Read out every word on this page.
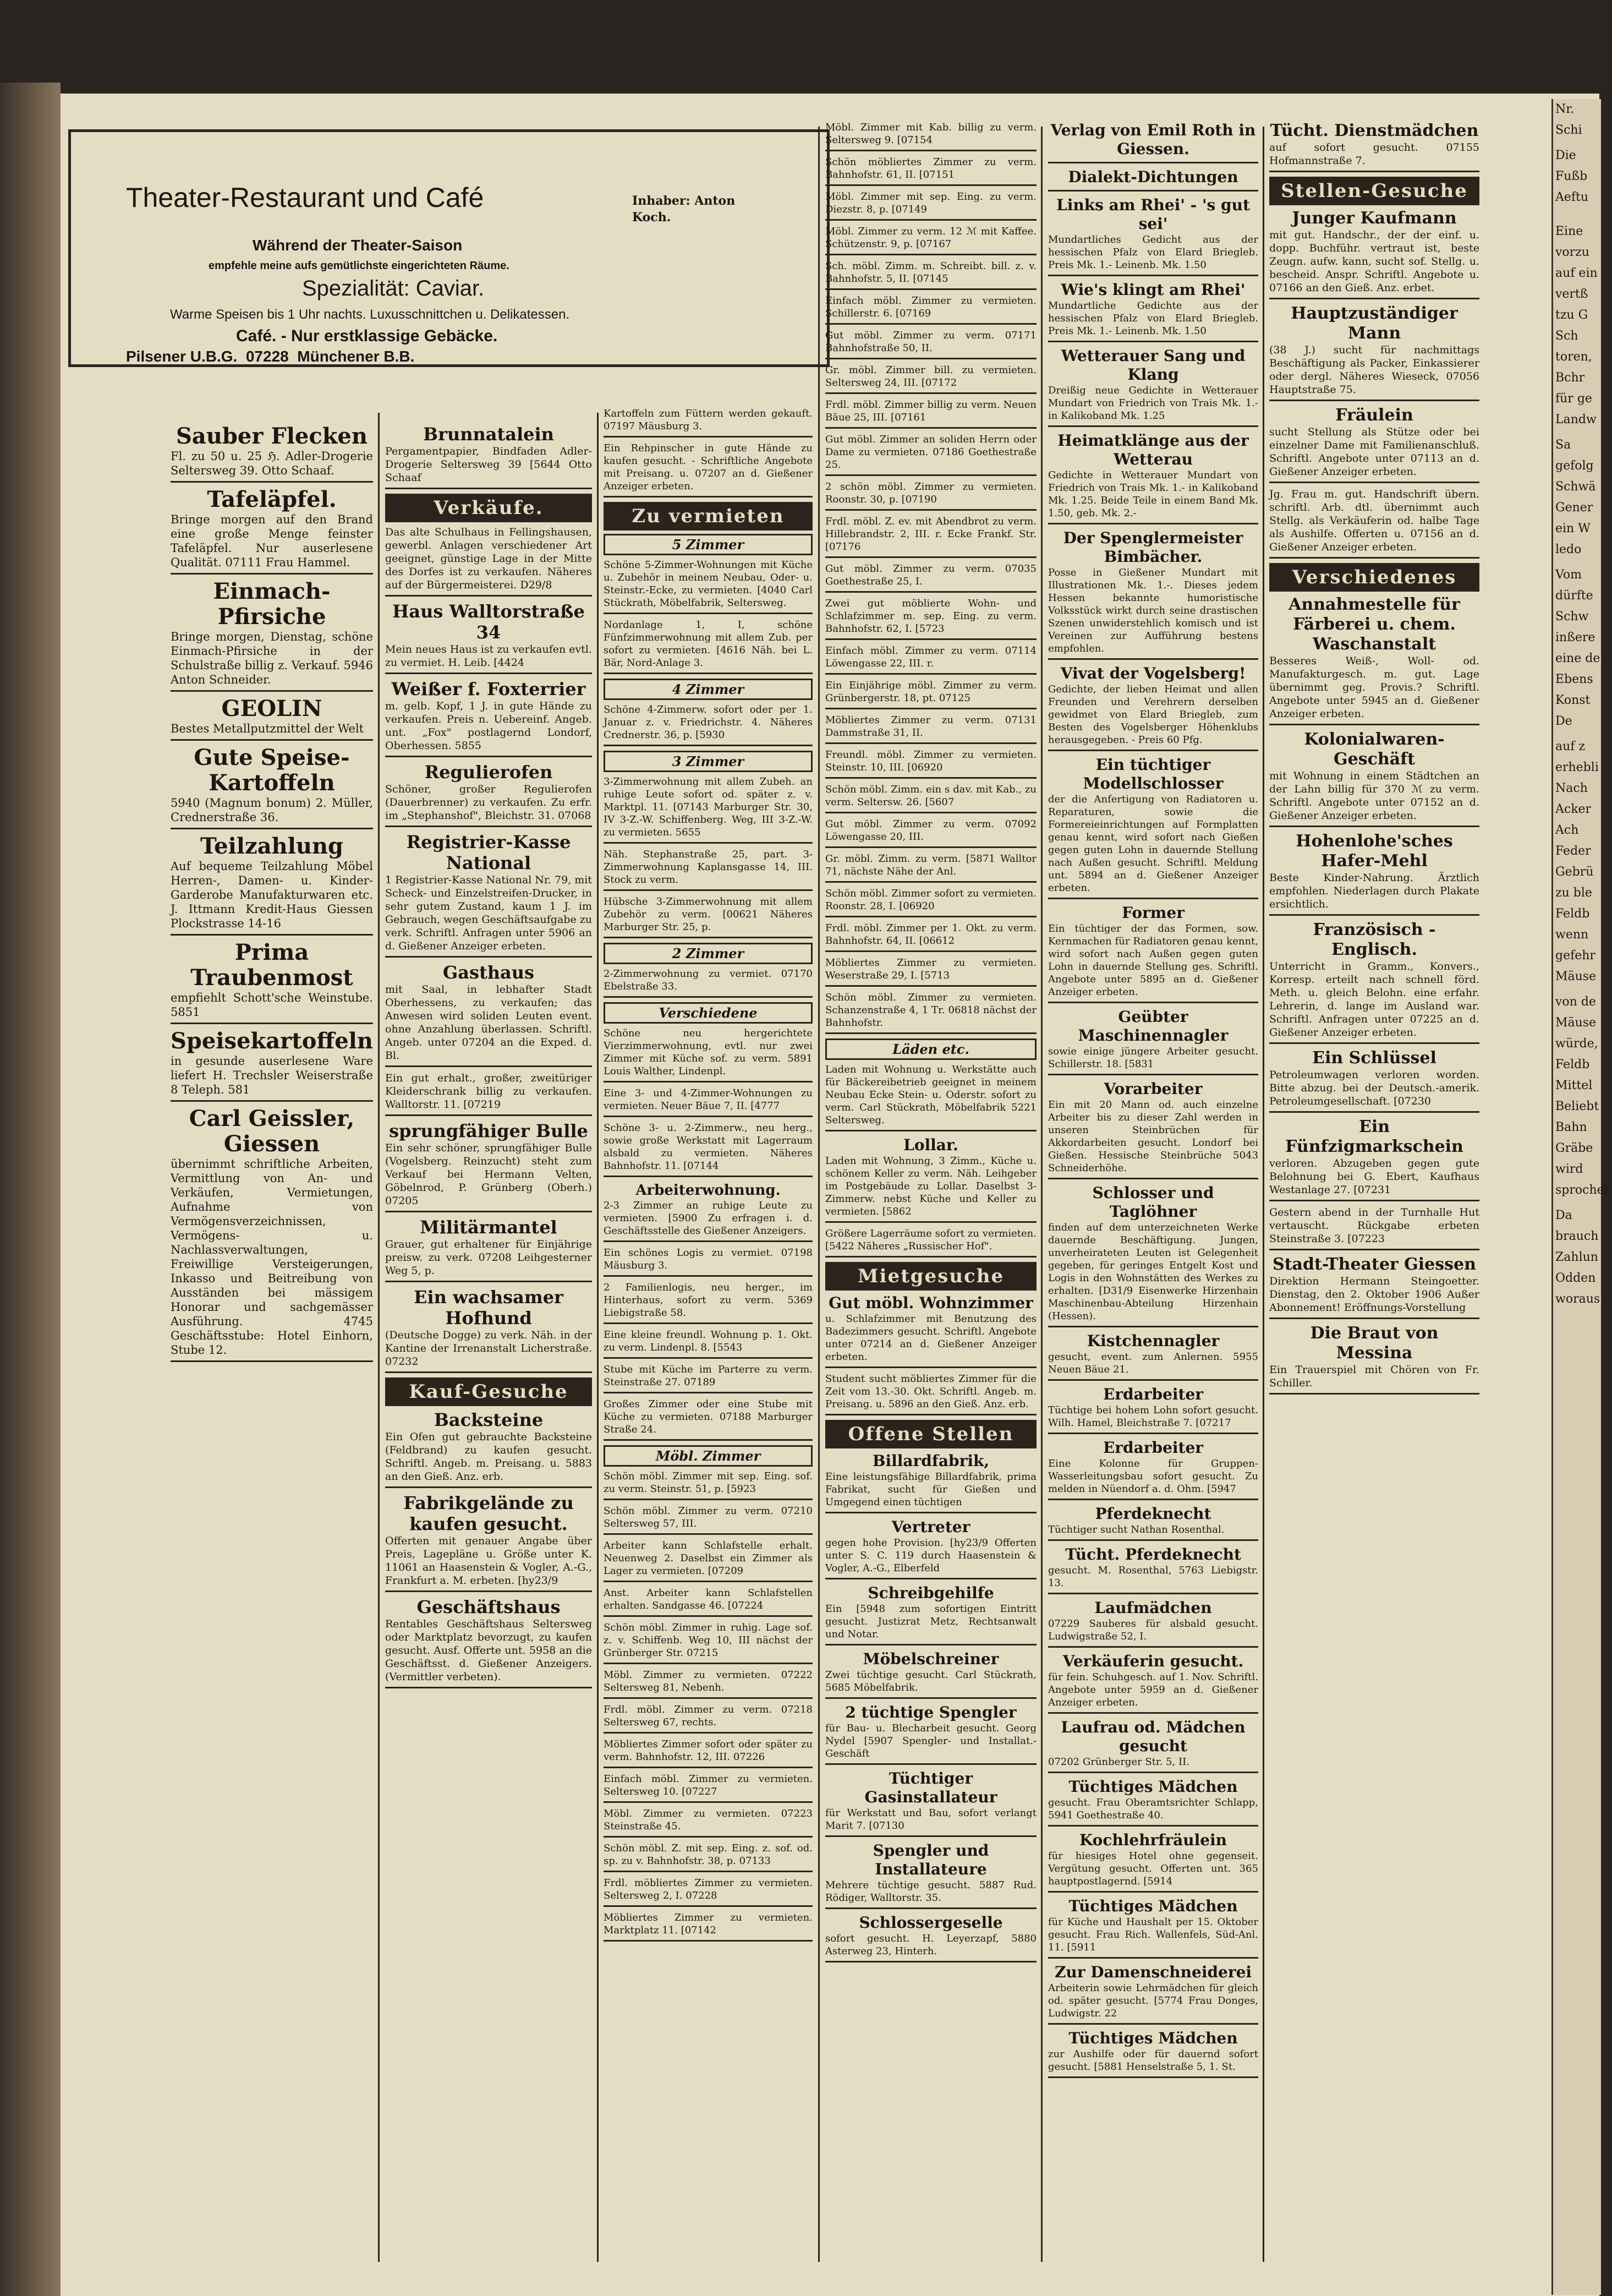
Theater-Restaurant und Café	Inhaber: Anton Koch.
Während der Theater-Saison
empfehle meine aufs gemütlichste eingerichteten Räume.
Spezialität: Caviar.
Warme Speisen bis 1 Uhr nachts. Luxusschnittchen u. Delikatessen.
Café. - Nur erstklassige Gebäcke.
Pilsener U.B.G.  07228  Münchener B.B.
Sauber Flecken
Fl. zu 50 u. 25 ℌ. Adler-Drogerie Seltersweg 39. Otto Schaaf.
Tafeläpfel.
Bringe morgen auf den Brand eine große Menge feinster Tafeläpfel. Nur auserlesene Qualität. 07111 Frau Hammel.
Einmach-Pfirsiche
Bringe morgen, Dienstag, schöne Einmach-Pfirsiche in der Schulstraße billig z. Verkauf. 5946 Anton Schneider.
GEOLIN
Bestes Metallputzmittel der Welt
Gute Speise-Kartoffeln
5940 (Magnum bonum) 2. Müller, Crednerstraße 36.
Teilzahlung
Auf bequeme Teilzahlung Möbel Herren-, Damen- u. Kinder-Garderobe Manufakturwaren etc. J. Ittmann Kredit-Haus Giessen Plockstrasse 14-16
Prima Traubenmost
empfiehlt Schott'sche Weinstube. 5851
Speisekartoffeln
in gesunde auserlesene Ware liefert H. Trechsler Weiserstraße 8 Teleph. 581
Carl Geissler, Giessen
übernimmt schriftliche Arbeiten, Vermittlung von An- und Verkäufen, Vermietungen, Aufnahme von Vermögensverzeichnissen, Vermögens- u. Nachlassverwaltungen, Freiwillige Versteigerungen, Inkasso und Beitreibung von Ausständen bei mässigem Honorar und sachgemässer Ausführung. 4745 Geschäftsstube: Hotel Einhorn, Stube 12.
Brunnatalein
Pergamentpapier, Bindfaden Adler-Drogerie Seltersweg 39 [5644 Otto Schaaf
Verkäufe.
Das alte Schulhaus in Fellingshausen, gewerbl. Anlagen verschiedener Art geeignet, günstige Lage in der Mitte des Dorfes ist zu verkaufen. Näheres auf der Bürgermeisterei. D29/8
Haus Walltorstraße 34
Mein neues Haus ist zu verkaufen evtl. zu vermiet. H. Leib. [4424
Weißer f. Foxterrier
m. gelb. Kopf, 1 J. in gute Hände zu verkaufen. Preis n. Uebereinf. Angeb. unt. „Fox" postlagernd Londorf, Oberhessen. 5855
Regulierofen
Schöner, großer Regulierofen (Dauerbrenner) zu verkaufen. Zu erfr. im „Stephanshof", Bleichstr. 31. 07068
Registrier-Kasse National
1 Registrier-Kasse National Nr. 79, mit Scheck- und Einzelstreifen-Drucker, in sehr gutem Zustand, kaum 1 J. im Gebrauch, wegen Geschäftsaufgabe zu verk. Schriftl. Anfragen unter 5906 an d. Gießener Anzeiger erbeten.
Gasthaus
mit Saal, in lebhafter Stadt Oberhessens, zu verkaufen; das Anwesen wird soliden Leuten event. ohne Anzahlung überlassen. Schriftl. Angeb. unter 07204 an die Exped. d. Bl.
Ein gut erhalt., großer, zweitüriger Kleiderschrank billig zu verkaufen. Walltorstr. 11. [07219
sprungfähiger Bulle
Ein sehr schöner, sprungfähiger Bulle (Vogelsberg. Reinzucht) steht zum Verkauf bei Hermann Velten, Göbelnrod, P. Grünberg (Oberh.) 07205
Militärmantel
Grauer, gut erhaltener für Einjährige preisw. zu verk. 07208 Leihgesterner Weg 5, p.
Ein wachsamer Hofhund
(Deutsche Dogge) zu verk. Näh. in der Kantine der Irrenanstalt Licherstraße. 07232
Kauf-Gesuche
Backsteine
Ein Ofen gut gebrauchte Backsteine (Feldbrand) zu kaufen gesucht. Schriftl. Angeb. m. Preisang. u. 5883 an den Gieß. Anz. erb.
Fabrikgelände zu kaufen gesucht.
Offerten mit genauer Angabe über Preis, Lagepläne u. Größe unter K. 11061 an Haasenstein & Vogler, A.-G., Frankfurt a. M. erbeten. [hy23/9
Geschäftshaus
Rentables Geschäftshaus Seltersweg oder Marktplatz bevorzugt, zu kaufen gesucht. Ausf. Offerte unt. 5958 an die Geschäftsst. d. Gießener Anzeigers. (Vermittler verbeten).
Kartoffeln zum Füttern werden gekauft. 07197 Mäusburg 3.
Ein Rehpinscher in gute Hände zu kaufen gesucht. - Schriftliche Angebote mit Preisang. u. 07207 an d. Gießener Anzeiger erbeten.
Zu vermieten
5 Zimmer
Schöne 5-Zimmer-Wohnungen mit Küche u. Zubehör in meinem Neubau, Oder- u. Steinstr.-Ecke, zu vermieten. [4040 Carl Stückrath, Möbelfabrik, Seltersweg.
Nordanlage 1, I, schöne Fünfzimmerwohnung mit allem Zub. per sofort zu vermieten. [4616 Näh. bei L. Bär, Nord-Anlage 3.
4 Zimmer
Schöne 4-Zimmerw. sofort oder per 1. Januar z. v. Friedrichstr. 4. Näheres Crednerstr. 36, p. [5930
3 Zimmer
3-Zimmerwohnung mit allem Zubeh. an ruhige Leute sofort od. später z. v. Marktpl. 11. [07143 Marburger Str. 30, IV 3-Z.-W. Schiffenberg. Weg, III 3-Z.-W. zu vermieten. 5655
Näh. Stephanstraße 25, part. 3-Zimmerwohnung Kaplansgasse 14, III. Stock zu verm.
Hübsche 3-Zimmerwohnung mit allem Zubehör zu verm. [00621 Näheres Marburger Str. 25, p.
2 Zimmer
2-Zimmerwohnung zu vermiet. 07170 Ebelstraße 33.
Verschiedene
Schöne neu hergerichtete Vierzimmerwohnung, evtl. nur zwei Zimmer mit Küche sof. zu verm. 5891 Louis Walther, Lindenpl.
Eine 3- und 4-Zimmer-Wohnungen zu vermieten. Neuer Bäue 7, II. [4777
Schöne 3- u. 2-Zimmerw., neu herg., sowie große Werkstatt mit Lagerraum alsbald zu vermieten. Näheres Bahnhofstr. 11. [07144
Arbeiterwohnung.
2-3 Zimmer an ruhige Leute zu vermieten. [5900 Zu erfragen i. d. Geschäftsstelle des Gießener Anzeigers.
Ein schönes Logis zu vermiet. 07198 Mäusburg 3.
2 Familienlogis, neu herger., im Hinterhaus, sofort zu verm. 5369 Liebigstraße 58.
Eine kleine freundl. Wohnung p. 1. Okt. zu verm. Lindenpl. 8. [5543
Stube mit Küche im Parterre zu verm. Steinstraße 27. 07189
Großes Zimmer oder eine Stube mit Küche zu vermieten. 07188 Marburger Straße 24.
Möbl. Zimmer
Schön möbl. Zimmer mit sep. Eing. sof. zu verm. Steinstr. 51, p. [5923
Schön möbl. Zimmer zu verm. 07210 Seltersweg 57, III.
Arbeiter kann Schlafstelle erhalt. Neuenweg 2. Daselbst ein Zimmer als Lager zu vermieten. [07209
Anst. Arbeiter kann Schlafstellen erhalten. Sandgasse 46. [07224
Schön möbl. Zimmer in ruhig. Lage sof. z. v. Schiffenb. Weg 10, III nächst der Grünberger Str. 07215
Möbl. Zimmer zu vermieten. 07222 Seltersweg 81, Nebenh.
Frdl. möbl. Zimmer zu verm. 07218 Seltersweg 67, rechts.
Möbliertes Zimmer sofort oder später zu verm. Bahnhofstr. 12, III. 07226
Einfach möbl. Zimmer zu vermieten. Seltersweg 10. [07227
Möbl. Zimmer zu vermieten. 07223 Steinstraße 45.
Schön möbl. Z. mit sep. Eing. z. sof. od. sp. zu v. Bahnhofstr. 38, p. 07133
Frdl. möbliertes Zimmer zu vermieten. Seltersweg 2, I. 07228
Möbliertes Zimmer zu vermieten. Marktplatz 11. [07142
Möbl. Zimmer mit Kab. billig zu verm. Seltersweg 9. [07154
Schön möbliertes Zimmer zu verm. Bahnhofstr. 61, II. [07151
Möbl. Zimmer mit sep. Eing. zu verm. Diezstr. 8, p. [07149
Möbl. Zimmer zu verm. 12 ℳ mit Kaffee. Schützenstr. 9, p. [07167
Sch. möbl. Zimm. m. Schreibt. bill. z. v. Bahnhofstr. 5, II. [07145
Einfach möbl. Zimmer zu vermieten. Schillerstr. 6. [07169
Gut möbl. Zimmer zu verm. 07171 Bahnhofstraße 50, II.
Gr. möbl. Zimmer bill. zu vermieten. Seltersweg 24, III. [07172
Frdl. möbl. Zimmer billig zu verm. Neuen Bäue 25, III. [07161
Gut möbl. Zimmer an soliden Herrn oder Dame zu vermieten. 07186 Goethestraße 25.
2 schön möbl. Zimmer zu vermieten. Roonstr. 30, p. [07190
Frdl. möbl. Z. ev. mit Abendbrot zu verm. Hillebrandstr. 2, III. r. Ecke Frankf. Str. [07176
Gut möbl. Zimmer zu verm. 07035 Goethestraße 25, I.
Zwei gut möblierte Wohn- und Schlafzimmer m. sep. Eing. zu verm. Bahnhofstr. 62, I. [5723
Einfach möbl. Zimmer zu verm. 07114 Löwengasse 22, III. r.
Ein Einjährige möbl. Zimmer zu verm. Grünbergerstr. 18, pt. 07125
Möbliertes Zimmer zu verm. 07131 Dammstraße 31, II.
Freundl. möbl. Zimmer zu vermieten. Steinstr. 10, III. [06920
Schön möbl. Zimm. ein s dav. mit Kab., zu verm. Seltersw. 26. [5607
Gut möbl. Zimmer zu verm. 07092 Löwengasse 20, III.
Gr. möbl. Zimm. zu verm. [5871 Walltor 71, nächste Nähe der Anl.
Schön möbl. Zimmer sofort zu vermieten. Roonstr. 28, I. [06920
Frdl. möbl. Zimmer per 1. Okt. zu verm. Bahnhofstr. 64, II. [06612
Möbliertes Zimmer zu vermieten. Weserstraße 29, I. [5713
Schön möbl. Zimmer zu vermieten. Schanzenstraße 4, 1 Tr. 06818 nächst der Bahnhofstr.
Läden etc.
Laden mit Wohnung u. Werkstätte auch für Bäckereibetrieb geeignet in meinem Neubau Ecke Stein- u. Oderstr. sofort zu verm. Carl Stückrath, Möbelfabrik 5221 Seltersweg.
Lollar.
Laden mit Wohnung, 3 Zimm., Küche u. schönem Keller zu verm. Näh. Leihgeber im Postgebäude zu Lollar. Daselbst 3-Zimmerw. nebst Küche und Keller zu vermieten. [5862
Größere Lagerräume sofort zu vermieten. [5422 Näheres „Russischer Hof".
Mietgesuche
Gut möbl. Wohnzimmer
u. Schlafzimmer mit Benutzung des Badezimmers gesucht. Schriftl. Angebote unter 07214 an d. Gießener Anzeiger erbeten.
Student sucht möbliertes Zimmer für die Zeit vom 13.-30. Okt. Schriftl. Angeb. m. Preisang. u. 5896 an den Gieß. Anz. erb.
Offene Stellen
Billardfabrik,
Eine leistungsfähige Billardfabrik, prima Fabrikat, sucht für Gießen und Umgegend einen tüchtigen
Vertreter
gegen hohe Provision. [hy23/9 Offerten unter S. C. 119 durch Haasenstein & Vogler, A.-G., Elberfeld
Schreibgehilfe
Ein [5948 zum sofortigen Eintritt gesucht. Justizrat Metz, Rechtsanwalt und Notar.
Möbelschreiner
Zwei tüchtige gesucht. Carl Stückrath, 5685 Möbelfabrik.
2 tüchtige Spengler
für Bau- u. Blecharbeit gesucht. Georg Nydel [5907 Spengler- und Installat.-Geschäft
Tüchtiger Gasinstallateur
für Werkstatt und Bau, sofort verlangt Marit 7. [07130
Spengler und Installateure
Mehrere tüchtige gesucht. 5887 Rud. Rödiger, Walltorstr. 35.
Schlossergeselle
sofort gesucht. H. Leyerzapf, 5880 Asterweg 23, Hinterh.
Verlag von Emil Roth in Giessen.
Dialekt-Dichtungen
Links am Rhei' - 's gut sei'
Mundartliches Gedicht aus der hessischen Pfalz von Elard Briegleb. Preis Mk. 1.- Leinenb. Mk. 1.50
Wie's klingt am Rhei'
Mundartliche Gedichte aus der hessischen Pfalz von Elard Briegleb. Preis Mk. 1.- Leinenb. Mk. 1.50
Wetterauer Sang und Klang
Dreißig neue Gedichte in Wetterauer Mundart von Friedrich von Trais Mk. 1.- in Kalikoband Mk. 1.25
Heimatklänge aus der Wetterau
Gedichte in Wetterauer Mundart von Friedrich von Trais Mk. 1.- in Kalikoband Mk. 1.25. Beide Teile in einem Band Mk. 1.50, geb. Mk. 2.-
Der Spenglermeister Bimbächer.
Posse in Gießener Mundart mit Illustrationen Mk. 1.-. Dieses jedem Hessen bekannte humoristische Volksstück wirkt durch seine drastischen Szenen unwiderstehlich komisch und ist Vereinen zur Aufführung bestens empfohlen.
Vivat der Vogelsberg!
Gedichte, der lieben Heimat und allen Freunden und Verehrern derselben gewidmet von Elard Briegleb, zum Besten des Vogelsberger Höhenklubs herausgegeben. - Preis 60 Pfg.
Ein tüchtiger Modellschlosser
der die Anfertigung von Radiatoren u. Reparaturen, sowie die Formereieinrichtungen auf Formplatten genau kennt, wird sofort nach Gießen gegen guten Lohn in dauernde Stellung nach Außen gesucht. Schriftl. Meldung unt. 5894 an d. Gießener Anzeiger erbeten.
Former
Ein tüchtiger der das Formen, sow. Kernmachen für Radiatoren genau kennt, wird sofort nach Außen gegen guten Lohn in dauernde Stellung ges. Schriftl. Angebote unter 5895 an d. Gießener Anzeiger erbeten.
Geübter Maschinennagler
sowie einige jüngere Arbeiter gesucht. Schillerstr. 18. [5831
Vorarbeiter
Ein mit 20 Mann od. auch einzelne Arbeiter bis zu dieser Zahl werden in unseren Steinbrüchen für Akkordarbeiten gesucht. Londorf bei Gießen. Hessische Steinbrüche 5043 Schneiderhöhe.
Schlosser und Taglöhner
finden auf dem unterzeichneten Werke dauernde Beschäftigung. Jungen, unverheirateten Leuten ist Gelegenheit gegeben, für geringes Entgelt Kost und Logis in den Wohnstätten des Werkes zu erhalten. [D31/9 Eisenwerke Hirzenhain Maschinenbau-Abteilung Hirzenhain (Hessen).
Kistchennagler
gesucht, event. zum Anlernen. 5955 Neuen Bäue 21.
Erdarbeiter
Tüchtige bei hohem Lohn sofort gesucht. Wilh. Hamel, Bleichstraße 7. [07217
Erdarbeiter
Eine Kolonne für Gruppen-Wasserleitungsbau sofort gesucht. Zu melden in Nüendorf a. d. Ohm. [5947
Pferdeknecht
Tüchtiger sucht Nathan Rosenthal.
Tücht. Pferdeknecht
gesucht. M. Rosenthal, 5763 Liebigstr. 13.
Laufmädchen
07229 Sauberes für alsbald gesucht. Ludwigstraße 52, I.
Verkäuferin gesucht.
für fein. Schuhgesch. auf 1. Nov. Schriftl. Angebote unter 5959 an d. Gießener Anzeiger erbeten.
Laufrau od. Mädchen gesucht
07202 Grünberger Str. 5, II.
Tüchtiges Mädchen
gesucht. Frau Oberamtsrichter Schlapp, 5941 Goethestraße 40.
Kochlehrfräulein
für hiesiges Hotel ohne gegenseit. Vergütung gesucht. Offerten unt. 365 hauptpostlagernd. [5914
Tüchtiges Mädchen
für Küche und Haushalt per 15. Oktober gesucht. Frau Rich. Wallenfels, Süd-Anl. 11. [5911
Zur Damenschneiderei
Arbeiterin sowie Lehrmädchen für gleich od. später gesucht. [5774 Frau Donges, Ludwigstr. 22
Tüchtiges Mädchen
zur Aushilfe oder für dauernd sofort gesucht. [5881 Henselstraße 5, 1. St.
Tücht. Dienstmädchen
auf sofort gesucht. 07155 Hofmannstraße 7.
Stellen-Gesuche
Junger Kaufmann
mit gut. Handschr., der der einf. u. dopp. Buchführ. vertraut ist, beste Zeugn. aufw. kann, sucht sof. Stellg. u. bescheid. Anspr. Schriftl. Angebote u. 07166 an den Gieß. Anz. erbet.
Hauptzuständiger Mann
(38 J.) sucht für nachmittags Beschäftigung als Packer, Einkassierer oder dergl. Näheres Wieseck, 07056 Hauptstraße 75.
Fräulein
sucht Stellung als Stütze oder bei einzelner Dame mit Familienanschluß. Schriftl. Angebote unter 07113 an d. Gießener Anzeiger erbeten.
Jg. Frau m. gut. Handschrift übern. schriftl. Arb. dtl. übernimmt auch Stellg. als Verkäuferin od. halbe Tage als Aushilfe. Offerten u. 07156 an d. Gießener Anzeiger erbeten.
Verschiedenes
Annahmestelle für Färberei u. chem. Waschanstalt
Besseres Weiß-, Woll- od. Manufakturgesch. m. gut. Lage übernimmt geg. Provis.? Schriftl. Angebote unter 5945 an d. Gießener Anzeiger erbeten.
Kolonialwaren-Geschäft
mit Wohnung in einem Städtchen an der Lahn billig für 370 ℳ zu verm. Schriftl. Angebote unter 07152 an d. Gießener Anzeiger erbeten.
Hohenlohe'sches Hafer-Mehl
Beste Kinder-Nahrung. Ärztlich empfohlen. Niederlagen durch Plakate ersichtlich.
Französisch - Englisch.
Unterricht in Gramm., Konvers., Korresp. erteilt nach schnell förd. Meth. u. gleich Belohn. eine erfahr. Lehrerin, d. lange im Ausland war. Schriftl. Anfragen unter 07225 an d. Gießener Anzeiger erbeten.
Ein Schlüssel
Petroleumwagen verloren worden. Bitte abzug. bei der Deutsch.-amerik. Petroleumgesellschaft. [07230
Ein Fünfzigmarkschein
verloren. Abzugeben gegen gute Belohnung bei G. Ebert, Kaufhaus Westanlage 27. [07231
Gestern abend in der Turnhalle Hut vertauscht. Rückgabe erbeten Steinstraße 3. [07223
Stadt-Theater Giessen
Direktion Hermann Steingoetter. Dienstag, den 2. Oktober 1906 Außer Abonnement! Eröffnungs-Vorstellung
Die Braut von Messina
Ein Trauerspiel mit Chören von Fr. Schiller.
Nr.
Schi
Die
Fußb
Aeftu
Eine
vorzu
auf ein
vertß
tzu G
Sch
toren,
Bchr
für ge
Landw
Sa
gefolg
Schwä
Gener
ein W
ledo
Vom
dürfte
Schw
inßere
eine de
Ebens
Konst
De
auf z
erhebli
Nach
Acker
Ach
Feder
Gebrü
zu ble
Feldb
wenn
gefehr
Mäuse
von de
Mäuse
würde,
Feldb
Mittel
Beliebt
Bahn
Gräbe
wird
sprochen
Da
brauch
Zahlun
Odden
woraus
